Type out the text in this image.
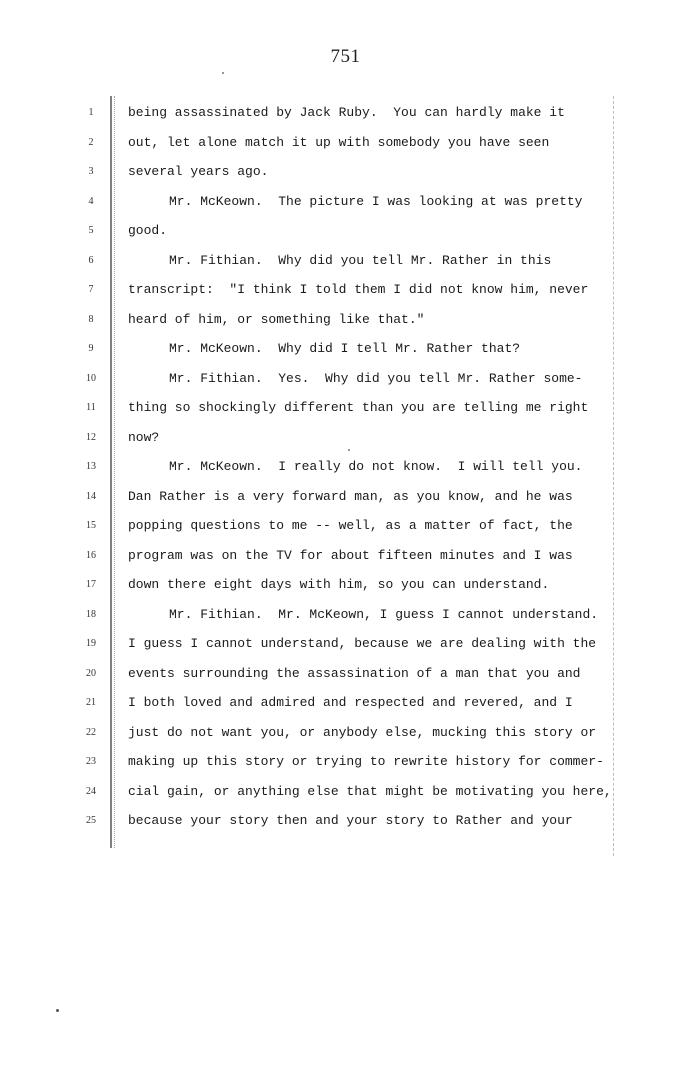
751
1
2
3
4
5
6
7
8
9
10
11
12
13
14
15
16
17
18
19
20
21
22
23
24
25
being assassinated by Jack Ruby.  You can hardly make it
out, let alone match it up with somebody you have seen
several years ago.
Mr. McKeown.  The picture I was looking at was pretty
good.
Mr. Fithian.  Why did you tell Mr. Rather in this
transcript:  "I think I told them I did not know him, never
heard of him, or something like that."
Mr. McKeown.  Why did I tell Mr. Rather that?
Mr. Fithian.  Yes.  Why did you tell Mr. Rather some-
thing so shockingly different than you are telling me right
now?
Mr. McKeown.  I really do not know.  I will tell you.
Dan Rather is a very forward man, as you know, and he was
popping questions to me -- well, as a matter of fact, the
program was on the TV for about fifteen minutes and I was
down there eight days with him, so you can understand.
Mr. Fithian.  Mr. McKeown, I guess I cannot understand.
I guess I cannot understand, because we are dealing with the
events surrounding the assassination of a man that you and
I both loved and admired and respected and revered, and I
just do not want you, or anybody else, mucking this story or
making up this story or trying to rewrite history for commer-
cial gain, or anything else that might be motivating you here,
because your story then and your story to Rather and your
